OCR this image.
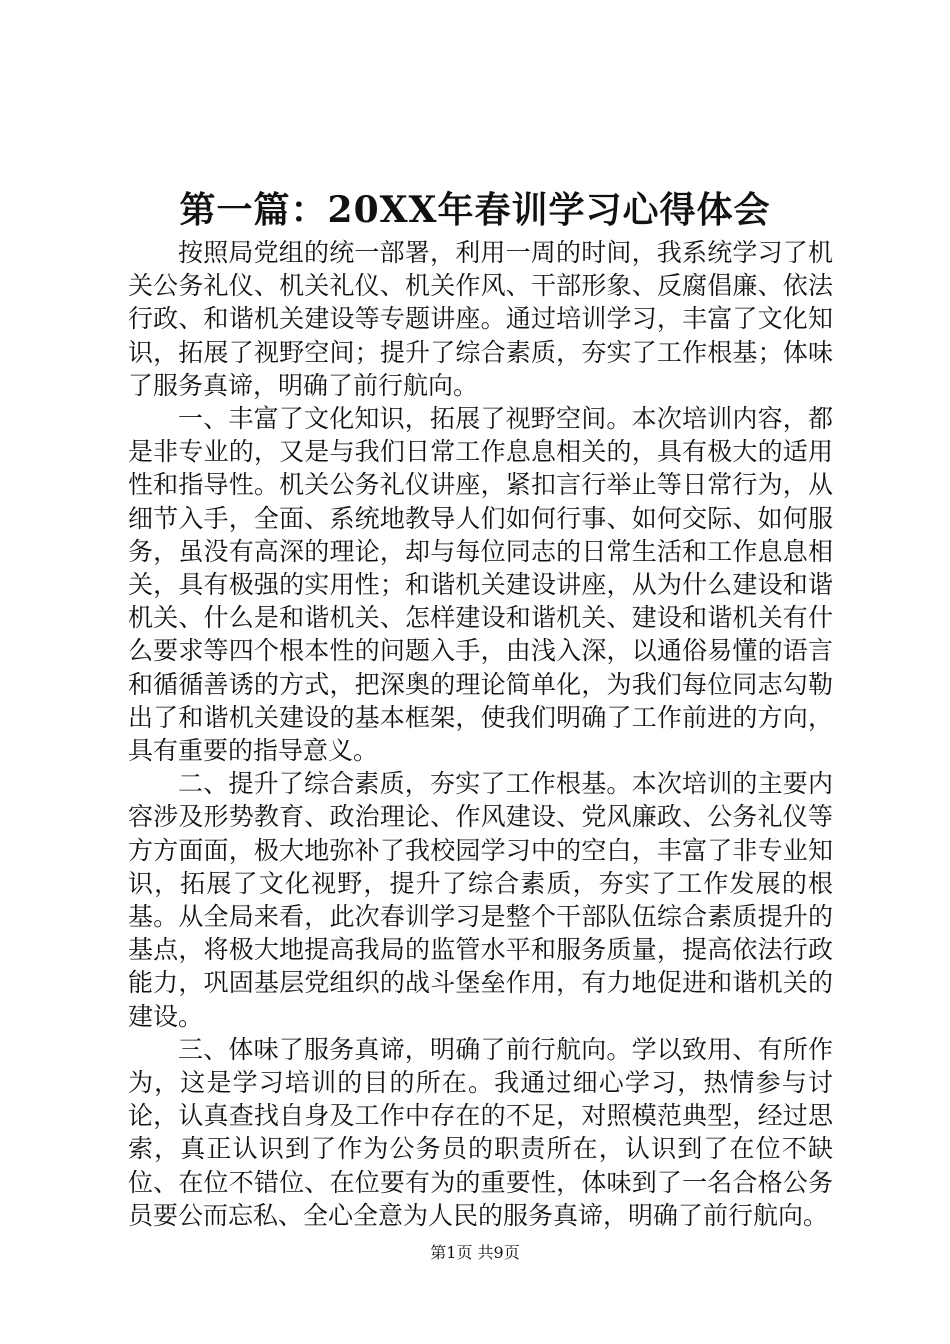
第一篇：20XX年春训学习心得体会

按照局党组的统一部署，利用一周的时间，我系统学习了机关公务礼仪、机关礼仪、机关作风、干部形象、反腐倡廉、依法行政、和谐机关建设等专题讲座。通过培训学习，丰富了文化知识，拓展了视野空间；提升了综合素质，夯实了工作根基；体味了服务真谛，明确了前行航向。

一、丰富了文化知识，拓展了视野空间。本次培训内容，都是非专业的，又是与我们日常工作息息相关的，具有极大的适用性和指导性。机关公务礼仪讲座，紧扣言行举止等日常行为，从细节入手，全面、系统地教导人们如何行事、如何交际、如何服务，虽没有高深的理论，却与每位同志的日常生活和工作息息相关，具有极强的实用性；和谐机关建设讲座，从为什么建设和谐机关、什么是和谐机关、怎样建设和谐机关、建设和谐机关有什么要求等四个根本性的问题入手，由浅入深，以通俗易懂的语言和循循善诱的方式，把深奥的理论简单化，为我们每位同志勾勒出了和谐机关建设的基本框架，使我们明确了工作前进的方向，具有重要的指导意义。

二、提升了综合素质，夯实了工作根基。本次培训的主要内容涉及形势教育、政治理论、作风建设、党风廉政、公务礼仪等方方面面，极大地弥补了我校园学习中的空白，丰富了非专业知识，拓展了文化视野，提升了综合素质，夯实了工作发展的根基。从全局来看，此次春训学习是整个干部队伍综合素质提升的基点，将极大地提高我局的监管水平和服务质量，提高依法行政能力，巩固基层党组织的战斗堡垒作用，有力地促进和谐机关的建设。

三、体味了服务真谛，明确了前行航向。学以致用、有所作为，这是学习培训的目的所在。我通过细心学习，热情参与讨论，认真查找自身及工作中存在的不足，对照模范典型，经过思索，真正认识到了作为公务员的职责所在，认识到了在位不缺位、在位不错位、在位要有为的重要性，体味到了一名合格公务员要公而忘私、全心全意为人民的服务真谛，明确了前行航向。

第1页 共9页
